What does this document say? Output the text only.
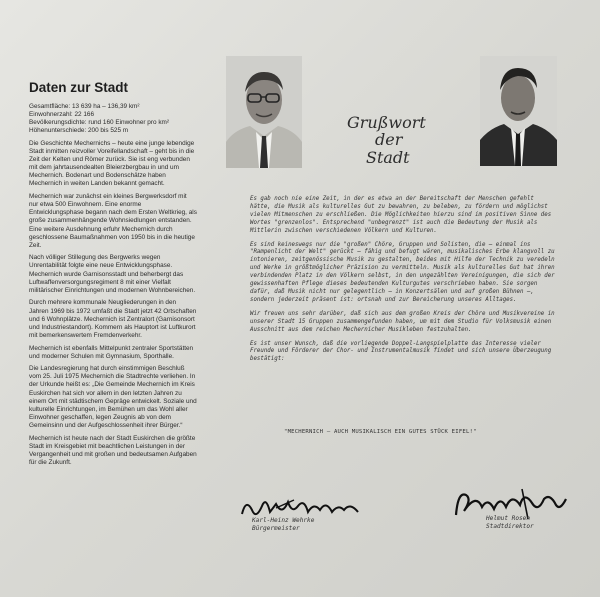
Daten zur Stadt
Gesamtfläche: 13 639 ha – 136,39 km²
Einwohnerzahl: 22 166
Bevölkerungsdichte: rund 160 Einwohner pro km²
Höhenunterschiede: 200 bis 525 m

Die Geschichte Mechernichs – heute eine junge lebendige Stadt inmitten reizvoller Voreifellandschaft – geht bis in die Zeit der Kelten und Römer zurück. Sie ist eng verbunden mit dem jahrtausendealten Bleierzbergbau in und um Mechernich. Bodenart und Bodenschätze haben Mechernich in weiten Landen bekannt gemacht.

Mechernich war zunächst ein kleines Bergwerksdorf mit nur etwa 500 Einwohnern. Eine enorme Entwicklungsphase begann nach dem Ersten Weltkrieg, als große zusammenhängende Wohnsiedlungen entstanden. Eine weitere Ausdehnung erfuhr Mechernich durch geschlossene Baumaßnahmen von 1950 bis in die heutige Zeit.

Nach völliger Stillegung des Bergwerks wegen Unrentabilität folgte eine neue Entwicklungsphase. Mechernich wurde Garnisonsstadt und beherbergt das Luftwaffenversorgungsregiment 8 mit einer Vielfalt militärischer Einrichtungen und modernen Wohnbereichen.

Durch mehrere kommunale Neugliederungen in den Jahren 1969 bis 1972 umfaßt die Stadt jetzt 42 Ortschaften und 6 Wohnplätze. Mechernich ist Zentralort (Garnisonsort und Industriestandort). Kommern als Hauptort ist Luftkurort mit bemerkenswertem Fremdenverkehr.

Mechernich ist ebenfalls Mittelpunkt zentraler Sportstätten und moderner Schulen mit Gymnasium, Sporthalle.

Die Landesregierung hat durch einstimmigen Beschluß vom 25. Juli 1975 Mechernich die Stadtrechte verliehen. In der Urkunde heißt es: „Die Gemeinde Mechernich im Kreis Euskirchen hat sich vor allem in den letzten Jahren zu einem Ort mit städtischem Gepräge entwickelt. Soziale und kulturelle Einrichtungen, im Bemühen um das Wohl aller Einwohner geschaffen, legen Zeugnis ab von dem Gemeinsinn und der Aufgeschlossenheit ihrer Bürger.“

Mechernich ist heute nach der Stadt Euskirchen die größte Stadt im Kreisgebiet mit beachtlichen Leistungen in der Vergangenheit und mit großen und bedeutsamen Aufgaben für die Zukunft.

Grußwort
der
Stadt

Es gab noch nie eine Zeit, in der es etwa an der Bereitschaft der Menschen gefehlt hätte, die Musik als kulturelles Gut zu bewahren, zu beleben, zu fördern und möglichst vielen Mitmenschen zu erschließen. Die Möglichkeiten hierzu sind im positiven Sinne des Wortes "grenzenlos". Entsprechend "unbegrenzt" ist auch die Bedeutung der Musik als Mittlerin zwischen verschiedenen Völkern und Kulturen.

Es sind keineswegs nur die "großen" Chöre, Gruppen und Solisten, die – einmal ins "Rampenlicht der Welt" gerückt – fähig und befugt wären, musikalisches Erbe klangvoll zu intonieren, zeitgenössische Musik zu gestalten, beides mit Hilfe der Technik zu veredeln und Werke in größtmöglicher Präzision zu vermitteln. Musik als kulturelles Gut hat ihren verbindenden Platz in den Völkern selbst, in den ungezählten Vereinigungen, die sich der gewissenhaften Pflege dieses bedeutenden Kulturgutes verschrieben haben. Sie sorgen dafür, daß Musik nicht nur gelegentlich – in Konzertsälen und auf großen Bühnen –, sondern jederzeit präsent ist: ortsnah und zur Bereicherung unseres Alltages.

Wir freuen uns sehr darüber, daß sich aus dem großen Kreis der Chöre und Musikvereine in unserer Stadt 15 Gruppen zusammengefunden haben, um mit dem Studio für Volksmusik einen Ausschnitt aus dem reichen Mechernicher Musikleben festzuhalten.

Es ist unser Wunsch, daß die vorliegende Doppel-Langspielplatte das Interesse vieler Freunde und Förderer der Chor- und Instrumentalmusik findet und sich unsere Überzeugung bestätigt:

"MECHERNICH – AUCH MUSIKALISCH EIN GUTES STÜCK EIFEL!"
Karl-Heinz Wehrke
Bürgermeister
Helmut Rosen
Stadtdirektor
